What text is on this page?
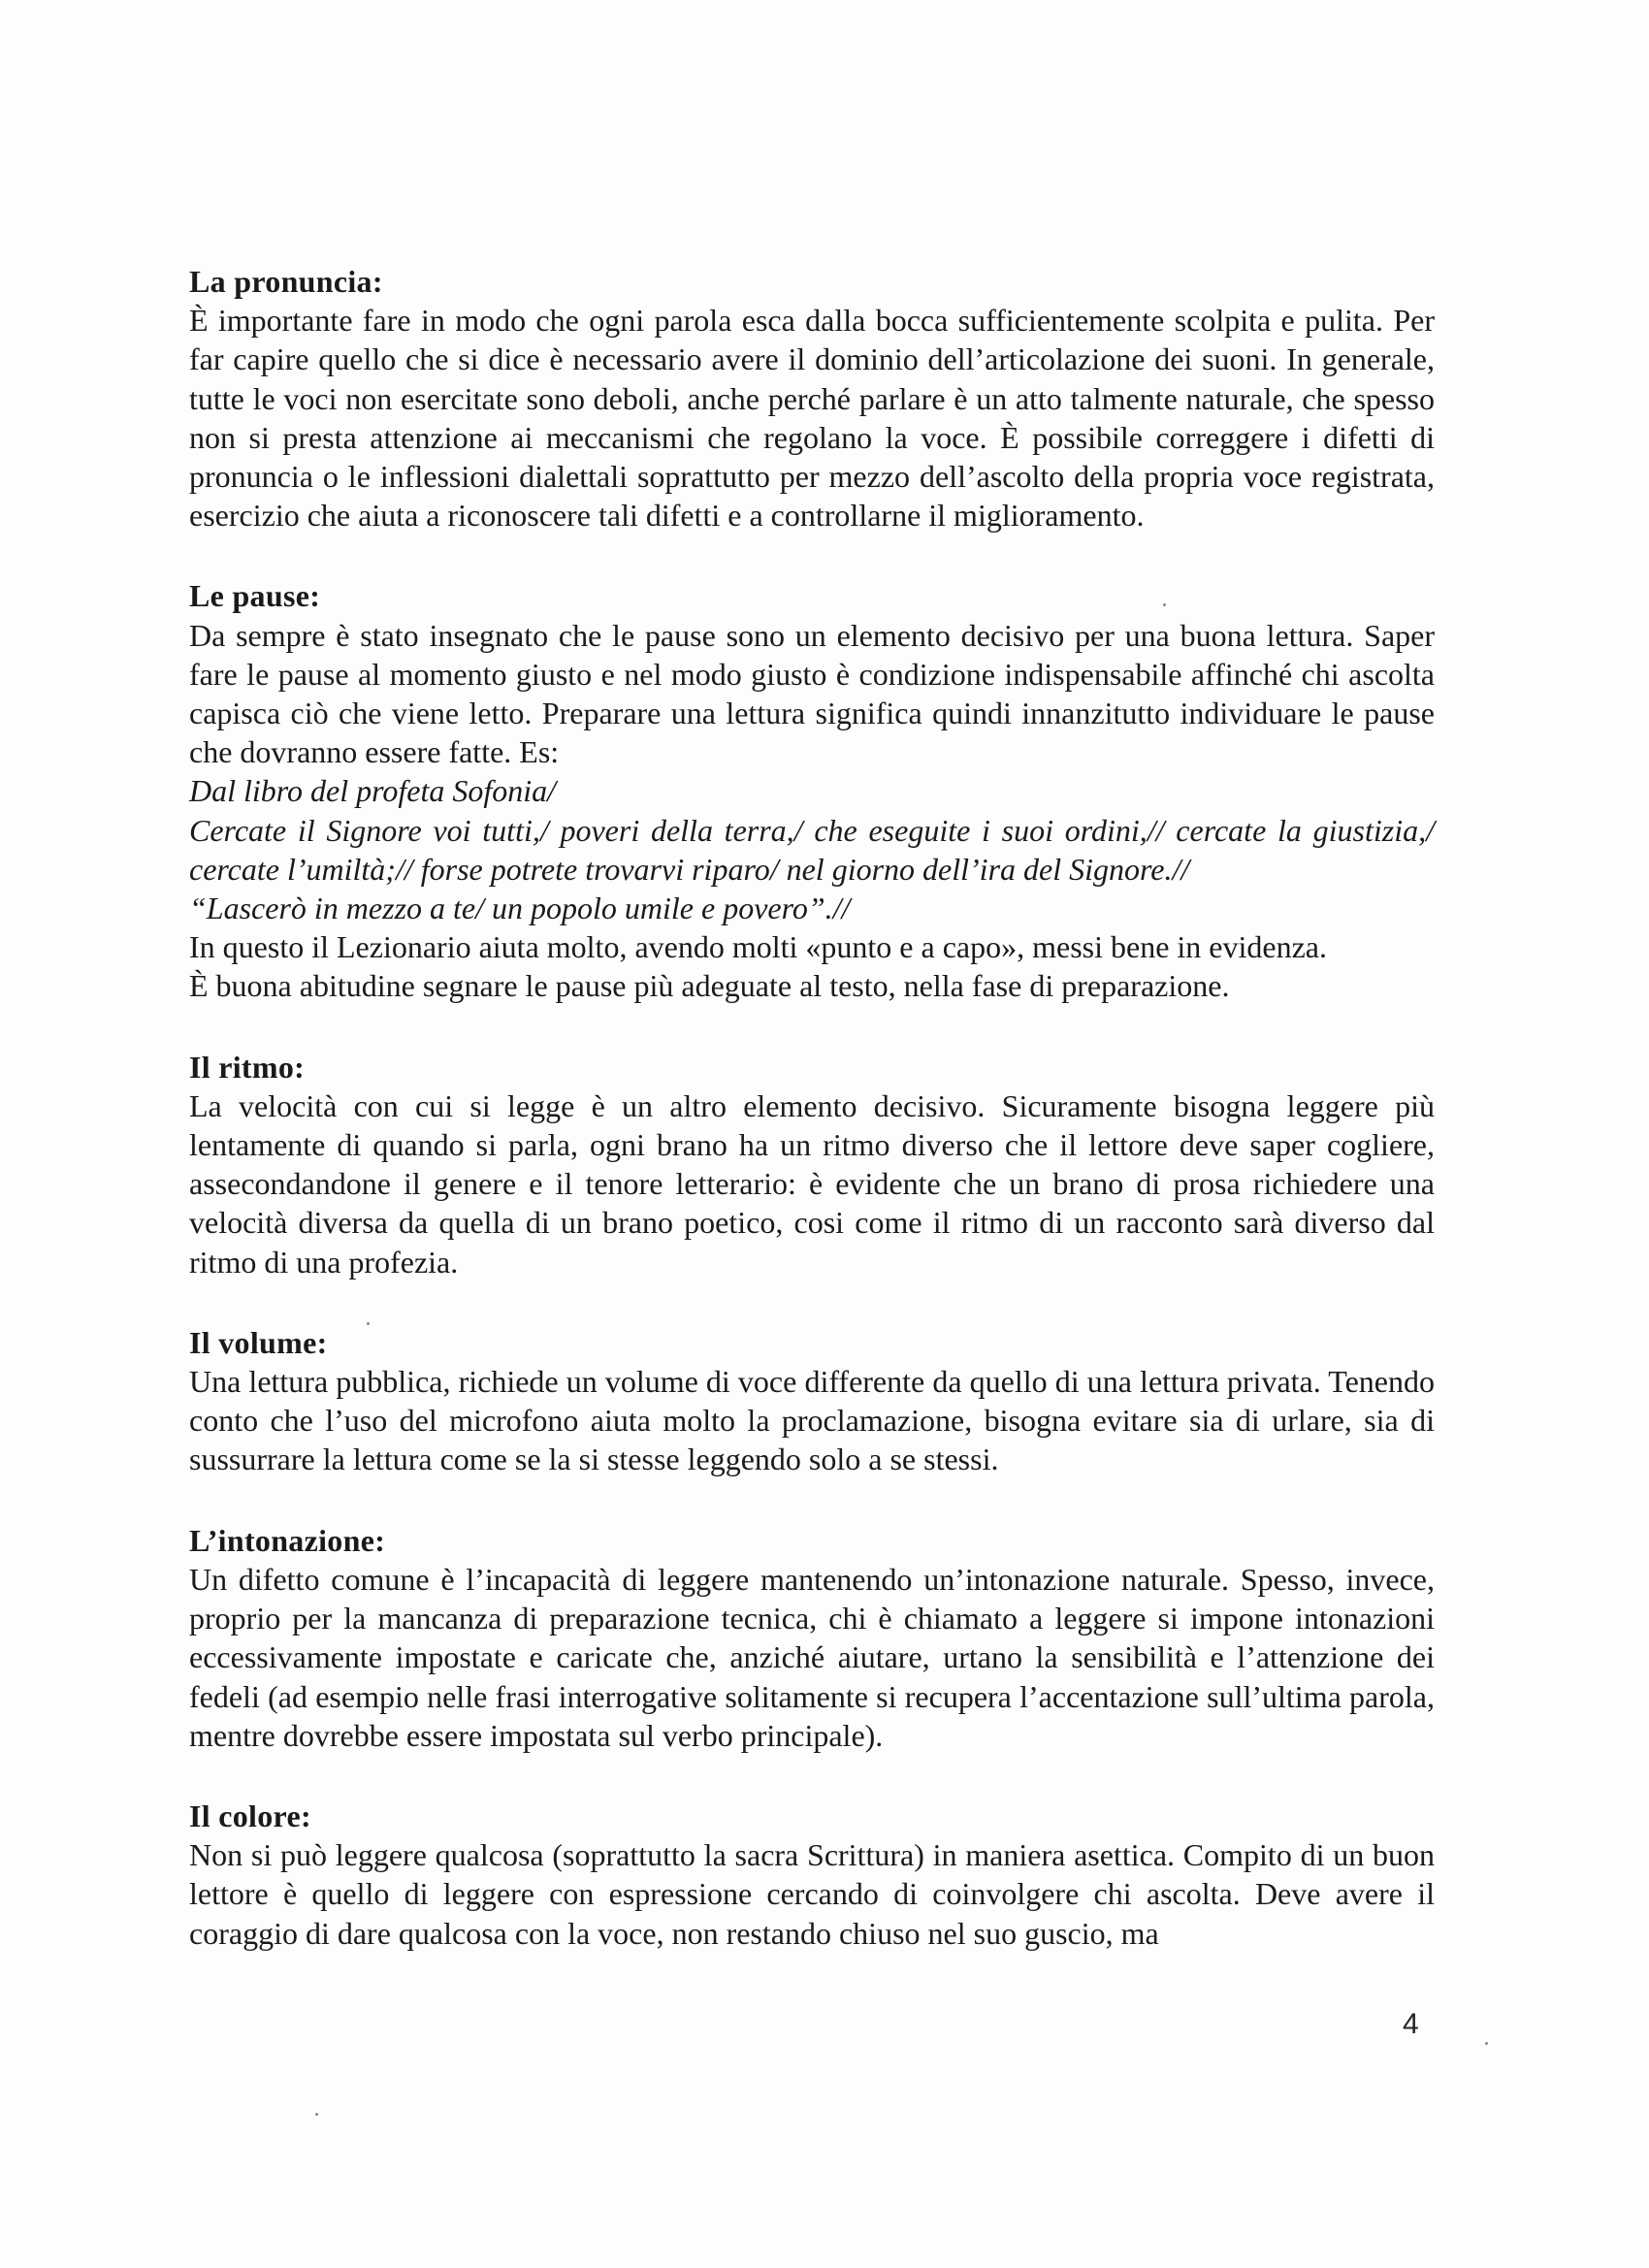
La pronuncia:
È importante fare in modo che ogni parola esca dalla bocca sufficientemente scolpita e pulita. Per far capire quello che si dice è necessario avere il dominio dell’articolazione dei suoni. In generale, tutte le voci non esercitate sono deboli, anche perché parlare è un atto talmente naturale, che spesso non si presta attenzione ai meccanismi che regolano la voce. È possibile correggere i difetti di pronuncia o le inflessioni dialettali soprattutto per mezzo dell’ascolto della propria voce registrata, esercizio che aiuta a riconoscere tali difetti e a controllarne il miglioramento.
Le pause:
Da sempre è stato insegnato che le pause sono un elemento decisivo per una buona lettura. Saper fare le pause al momento giusto e nel modo giusto è condizione indispensabile affinché chi ascolta capisca ciò che viene letto. Preparare una lettura significa quindi innanzitutto individuare le pause che dovranno essere fatte. Es:
Dal libro del profeta Sofonia/
Cercate il Signore voi tutti,/ poveri della terra,/ che eseguite i suoi ordini,// cercate la giustizia,/ cercate l’umiltà;// forse potrete trovarvi riparo/ nel giorno dell’ira del Signore.//
“Lascerò in mezzo a te/ un popolo umile e povero”.//
In questo il Lezionario aiuta molto, avendo molti «punto e a capo», messi bene in evidenza.
È buona abitudine segnare le pause più adeguate al testo, nella fase di preparazione.
Il ritmo:
La velocità con cui si legge è un altro elemento decisivo. Sicuramente bisogna leggere più lentamente di quando si parla, ogni brano ha un ritmo diverso che il lettore deve saper cogliere, assecondandone il genere e il tenore letterario: è evidente che un brano di prosa richiedere una velocità diversa da quella di un brano poetico, cosi come il ritmo di un racconto sarà diverso dal ritmo di una profezia.
Il volume:
Una lettura pubblica, richiede un volume di voce differente da quello di una lettura privata. Tenendo conto che l’uso del microfono aiuta molto la proclamazione, bisogna evitare sia di urlare, sia di sussurrare la lettura come se la si stesse leggendo solo a se stessi.
L’intonazione:
Un difetto comune è l’incapacità di leggere mantenendo un’intonazione naturale. Spesso, invece, proprio per la mancanza di preparazione tecnica, chi è chiamato a leggere si impone intonazioni eccessivamente impostate e caricate che, anziché aiutare, urtano la sensibilità e l’attenzione dei fedeli (ad esempio nelle frasi interrogative solitamente si recupera l’accentazione sull’ultima parola, mentre dovrebbe essere impostata sul verbo principale).
Il colore:
Non si può leggere qualcosa (soprattutto la sacra Scrittura) in maniera asettica. Compito di un buon lettore è quello di leggere con espressione cercando di coinvolgere chi ascolta. Deve avere il coraggio di dare qualcosa con la voce, non restando chiuso nel suo guscio, ma
4
